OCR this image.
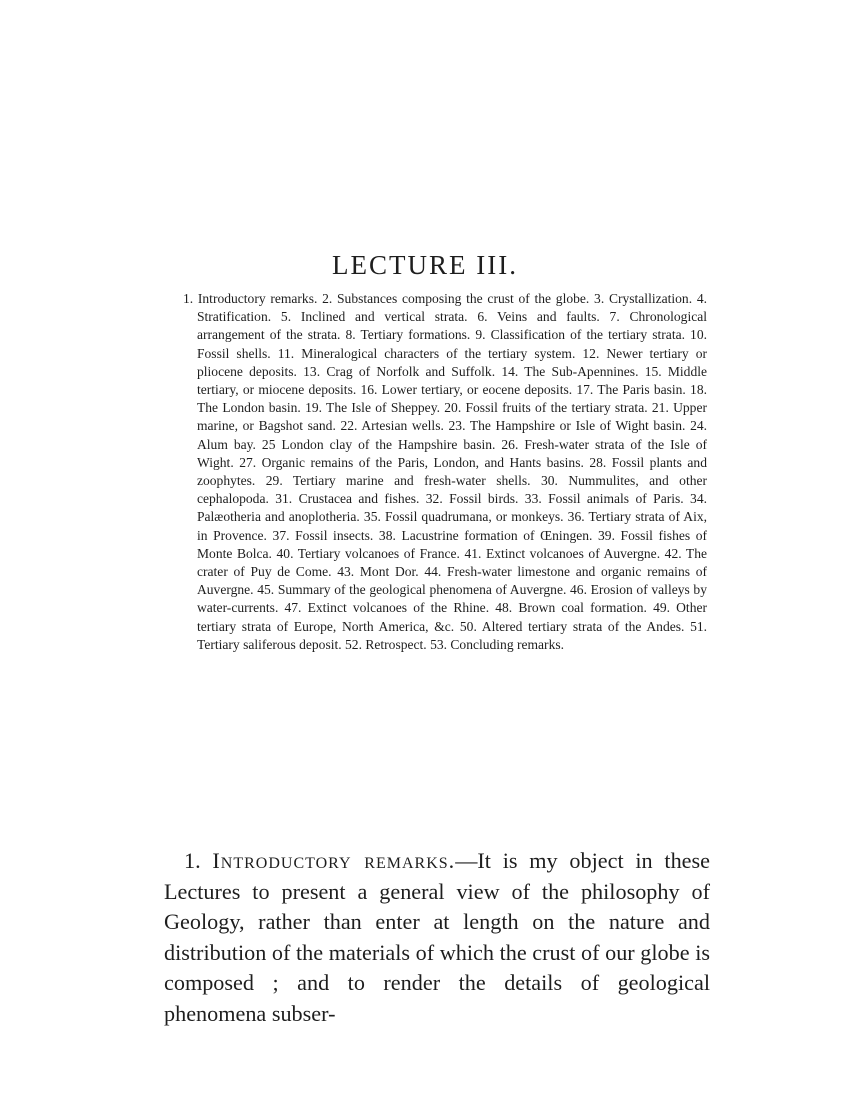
LECTURE III.

1. Introductory remarks. 2. Substances composing the crust of the globe. 3. Crystallization. 4. Stratification. 5. Inclined and vertical strata. 6. Veins and faults. 7. Chronological arrangement of the strata. 8. Tertiary formations. 9. Classification of the tertiary strata. 10. Fossil shells. 11. Mineralogical characters of the tertiary system. 12. Newer tertiary or pliocene deposits. 13. Crag of Norfolk and Suffolk. 14. The Sub-Apennines. 15. Middle tertiary, or miocene deposits. 16. Lower tertiary, or eocene deposits. 17. The Paris basin. 18. The London basin. 19. The Isle of Sheppey. 20. Fossil fruits of the tertiary strata. 21. Upper marine, or Bagshot sand. 22. Artesian wells. 23. The Hampshire or Isle of Wight basin. 24. Alum bay. 25 London clay of the Hampshire basin. 26. Fresh-water strata of the Isle of Wight. 27. Organic remains of the Paris, London, and Hants basins. 28. Fossil plants and zoophytes. 29. Tertiary marine and fresh-water shells. 30. Nummulites, and other cephalopoda. 31. Crustacea and fishes. 32. Fossil birds. 33. Fossil animals of Paris. 34. Palæotheria and anoplotheria. 35. Fossil quadrumana, or monkeys. 36. Tertiary strata of Aix, in Provence. 37. Fossil insects. 38. Lacustrine formation of Œningen. 39. Fossil fishes of Monte Bolca. 40. Tertiary volcanoes of France. 41. Extinct volcanoes of Auvergne. 42. The crater of Puy de Come. 43. Mont Dor. 44. Fresh-water limestone and organic remains of Auvergne. 45. Summary of the geological phenomena of Auvergne. 46. Erosion of valleys by water-currents. 47. Extinct volcanoes of the Rhine. 48. Brown coal formation. 49. Other tertiary strata of Europe, North America, &c. 50. Altered tertiary strata of the Andes. 51. Tertiary saliferous deposit. 52. Retrospect. 53. Concluding remarks.

1. Introductory remarks.—It is my object in these Lectures to present a general view of the philosophy of Geology, rather than enter at length on the nature and distribution of the materials of which the crust of our globe is composed ; and to render the details of geological phenomena subser-
